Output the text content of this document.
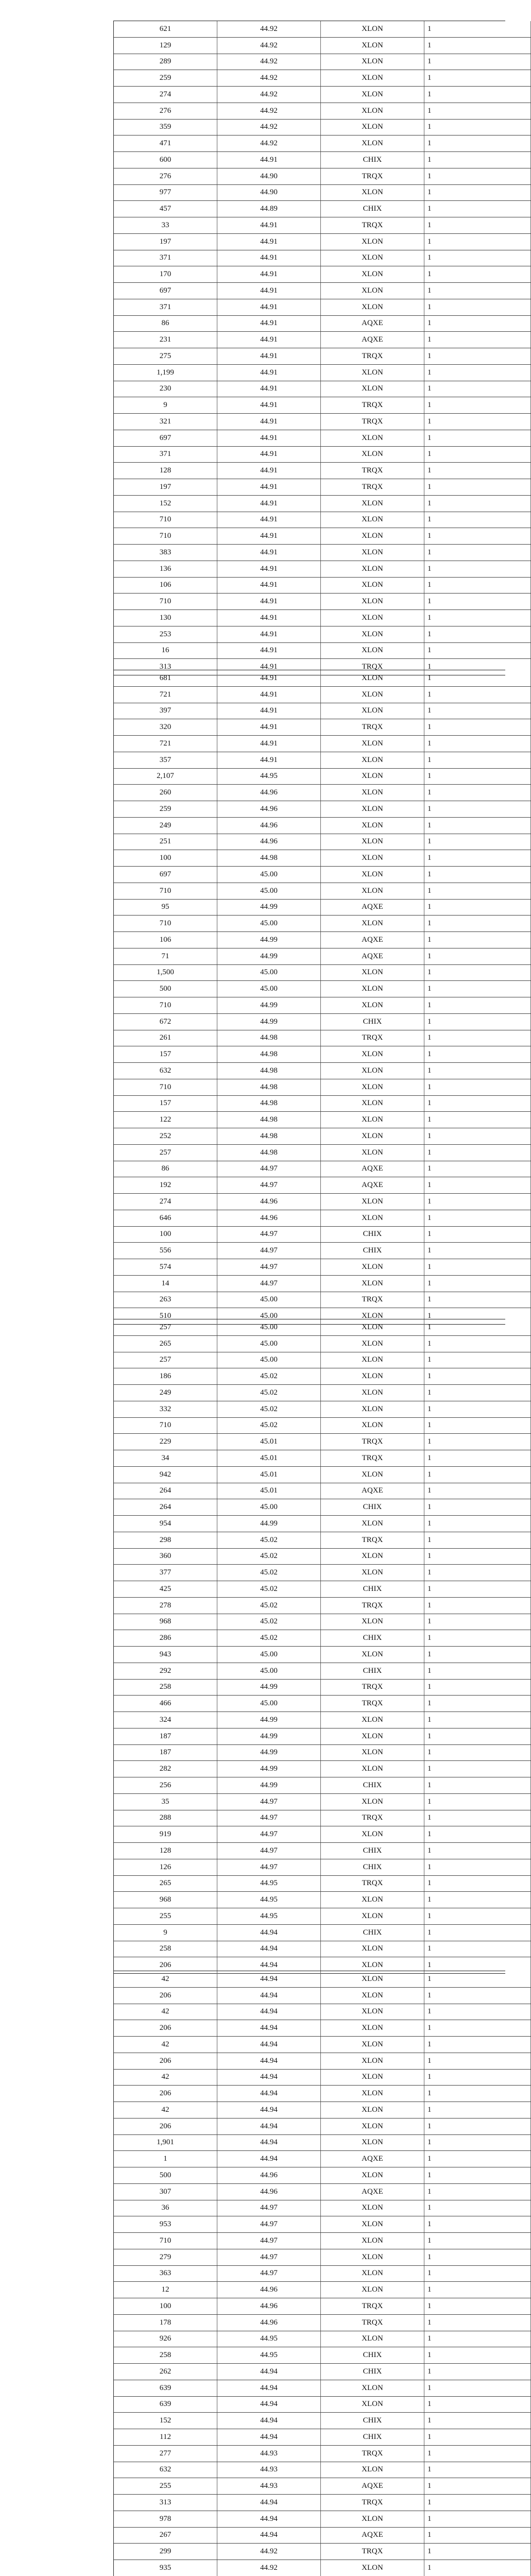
621	44.92	XLON	1
129	44.92	XLON	1
289	44.92	XLON	1
259	44.92	XLON	1
274	44.92	XLON	1
276	44.92	XLON	1
359	44.92	XLON	1
471	44.92	XLON	1
600	44.91	CHIX	1
276	44.90	TRQX	1
977	44.90	XLON	1
457	44.89	CHIX	1
33	44.91	TRQX	1
197	44.91	XLON	1
371	44.91	XLON	1
170	44.91	XLON	1
697	44.91	XLON	1
371	44.91	XLON	1
86	44.91	AQXE	1
231	44.91	AQXE	1
275	44.91	TRQX	1
1,199	44.91	XLON	1
230	44.91	XLON	1
9	44.91	TRQX	1
321	44.91	TRQX	1
697	44.91	XLON	1
371	44.91	XLON	1
128	44.91	TRQX	1
197	44.91	TRQX	1
152	44.91	XLON	1
710	44.91	XLON	1
710	44.91	XLON	1
383	44.91	XLON	1
136	44.91	XLON	1
106	44.91	XLON	1
710	44.91	XLON	1
130	44.91	XLON	1
253	44.91	XLON	1
16	44.91	XLON	1
313	44.91	TRQX	1
681	44.91	XLON	1
721	44.91	XLON	1
397	44.91	XLON	1
320	44.91	TRQX	1
721	44.91	XLON	1
357	44.91	XLON	1
2,107	44.95	XLON	1
260	44.96	XLON	1
259	44.96	XLON	1
249	44.96	XLON	1
251	44.96	XLON	1
100	44.98	XLON	1
697	45.00	XLON	1
710	45.00	XLON	1
95	44.99	AQXE	1
710	45.00	XLON	1
106	44.99	AQXE	1
71	44.99	AQXE	1
1,500	45.00	XLON	1
500	45.00	XLON	1
710	44.99	XLON	1
672	44.99	CHIX	1
261	44.98	TRQX	1
157	44.98	XLON	1
632	44.98	XLON	1
710	44.98	XLON	1
157	44.98	XLON	1
122	44.98	XLON	1
252	44.98	XLON	1
257	44.98	XLON	1
86	44.97	AQXE	1
192	44.97	AQXE	1
274	44.96	XLON	1
646	44.96	XLON	1
100	44.97	CHIX	1
556	44.97	CHIX	1
574	44.97	XLON	1
14	44.97	XLON	1
263	45.00	TRQX	1
510	45.00	XLON	1
257	45.00	XLON	1
265	45.00	XLON	1
257	45.00	XLON	1
186	45.02	XLON	1
249	45.02	XLON	1
332	45.02	XLON	1
710	45.02	XLON	1
229	45.01	TRQX	1
34	45.01	TRQX	1
942	45.01	XLON	1
264	45.01	AQXE	1
264	45.00	CHIX	1
954	44.99	XLON	1
298	45.02	TRQX	1
360	45.02	XLON	1
377	45.02	XLON	1
425	45.02	CHIX	1
278	45.02	TRQX	1
968	45.02	XLON	1
286	45.02	CHIX	1
943	45.00	XLON	1
292	45.00	CHIX	1
258	44.99	TRQX	1
466	45.00	TRQX	1
324	44.99	XLON	1
187	44.99	XLON	1
187	44.99	XLON	1
282	44.99	XLON	1
256	44.99	CHIX	1
35	44.97	XLON	1
288	44.97	TRQX	1
919	44.97	XLON	1
128	44.97	CHIX	1
126	44.97	CHIX	1
265	44.95	TRQX	1
968	44.95	XLON	1
255	44.95	XLON	1
9	44.94	CHIX	1
258	44.94	XLON	1
206	44.94	XLON	1
42	44.94	XLON	1
206	44.94	XLON	1
42	44.94	XLON	1
206	44.94	XLON	1
42	44.94	XLON	1
206	44.94	XLON	1
42	44.94	XLON	1
206	44.94	XLON	1
42	44.94	XLON	1
206	44.94	XLON	1
1,901	44.94	XLON	1
1	44.94	AQXE	1
500	44.96	XLON	1
307	44.96	AQXE	1
36	44.97	XLON	1
953	44.97	XLON	1
710	44.97	XLON	1
279	44.97	XLON	1
363	44.97	XLON	1
12	44.96	XLON	1
100	44.96	TRQX	1
178	44.96	TRQX	1
926	44.95	XLON	1
258	44.95	CHIX	1
262	44.94	CHIX	1
639	44.94	XLON	1
639	44.94	XLON	1
152	44.94	CHIX	1
112	44.94	CHIX	1
277	44.93	TRQX	1
632	44.93	XLON	1
255	44.93	AQXE	1
313	44.94	TRQX	1
978	44.94	XLON	1
267	44.94	AQXE	1
299	44.92	TRQX	1
935	44.92	XLON	1
